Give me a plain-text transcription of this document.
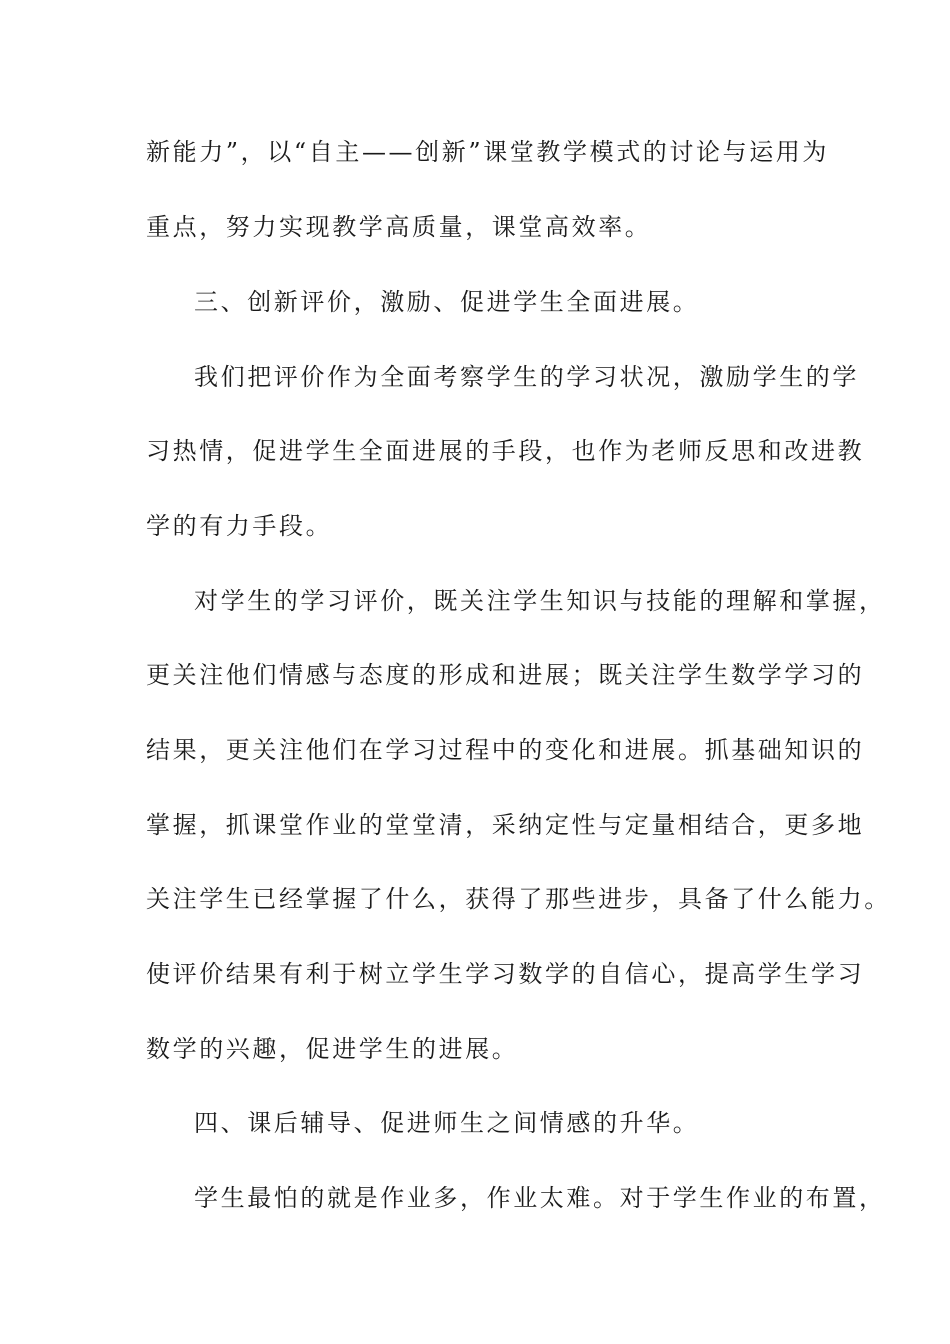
新能力”，以“自主——创新”课堂教学模式的讨论与运用为
重点，努力实现教学高质量，课堂高效率。
三、创新评价，激励、促进学生全面进展。
我们把评价作为全面考察学生的学习状况，激励学生的学
习热情，促进学生全面进展的手段，也作为老师反思和改进教
学的有力手段。
对学生的学习评价，既关注学生知识与技能的理解和掌握，
更关注他们情感与态度的形成和进展；既关注学生数学学习的
结果，更关注他们在学习过程中的变化和进展。抓基础知识的
掌握，抓课堂作业的堂堂清，采纳定性与定量相结合，更多地
关注学生已经掌握了什么，获得了那些进步，具备了什么能力。
使评价结果有利于树立学生学习数学的自信心，提高学生学习
数学的兴趣，促进学生的进展。
四、课后辅导、促进师生之间情感的升华。
学生最怕的就是作业多，作业太难。对于学生作业的布置，
